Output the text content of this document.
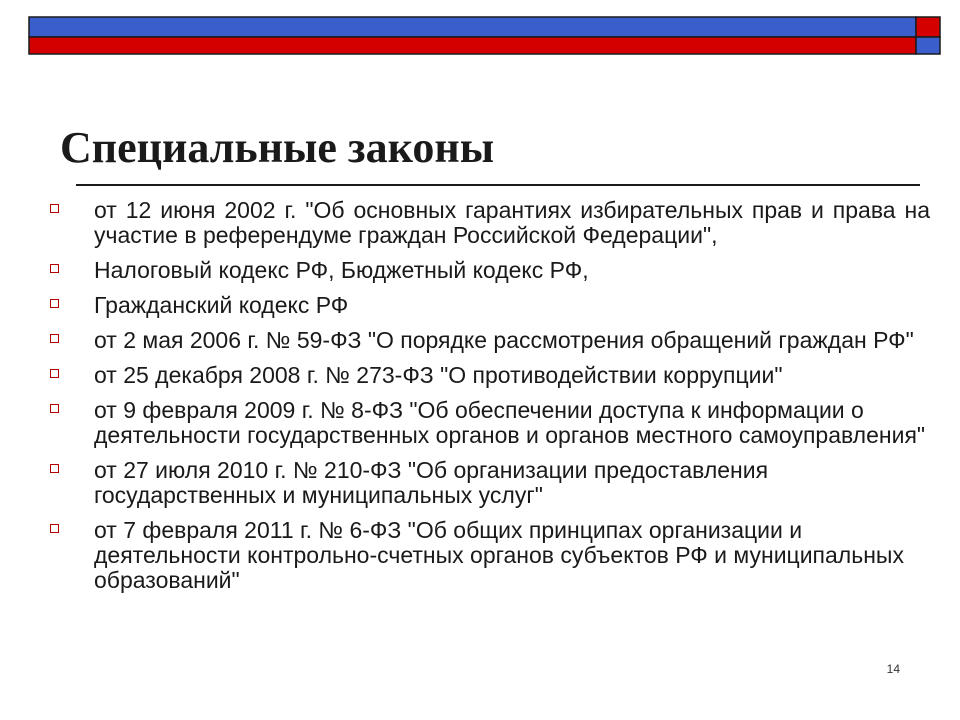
Специальные законы
от 12 июня 2002 г. "Об основных гарантиях избирательных прав и права на участие в референдуме граждан Российской Федерации",
Налоговый кодекс РФ, Бюджетный кодекс РФ,
Гражданский кодекс РФ
от 2 мая 2006 г. № 59-ФЗ "О порядке рассмотрения обращений граждан РФ"
от 25 декабря 2008 г. № 273-ФЗ "О противодействии коррупции"
от 9 февраля 2009 г. № 8-ФЗ "Об обеспечении доступа к информации о деятельности государственных органов и органов местного самоуправления"
от 27 июля 2010 г. № 210-ФЗ "Об организации предоставления государственных и муниципальных услуг"
от 7 февраля 2011 г. № 6-ФЗ "Об общих принципах организации и деятельности контрольно-счетных органов субъектов РФ и муниципальных образований"
14
